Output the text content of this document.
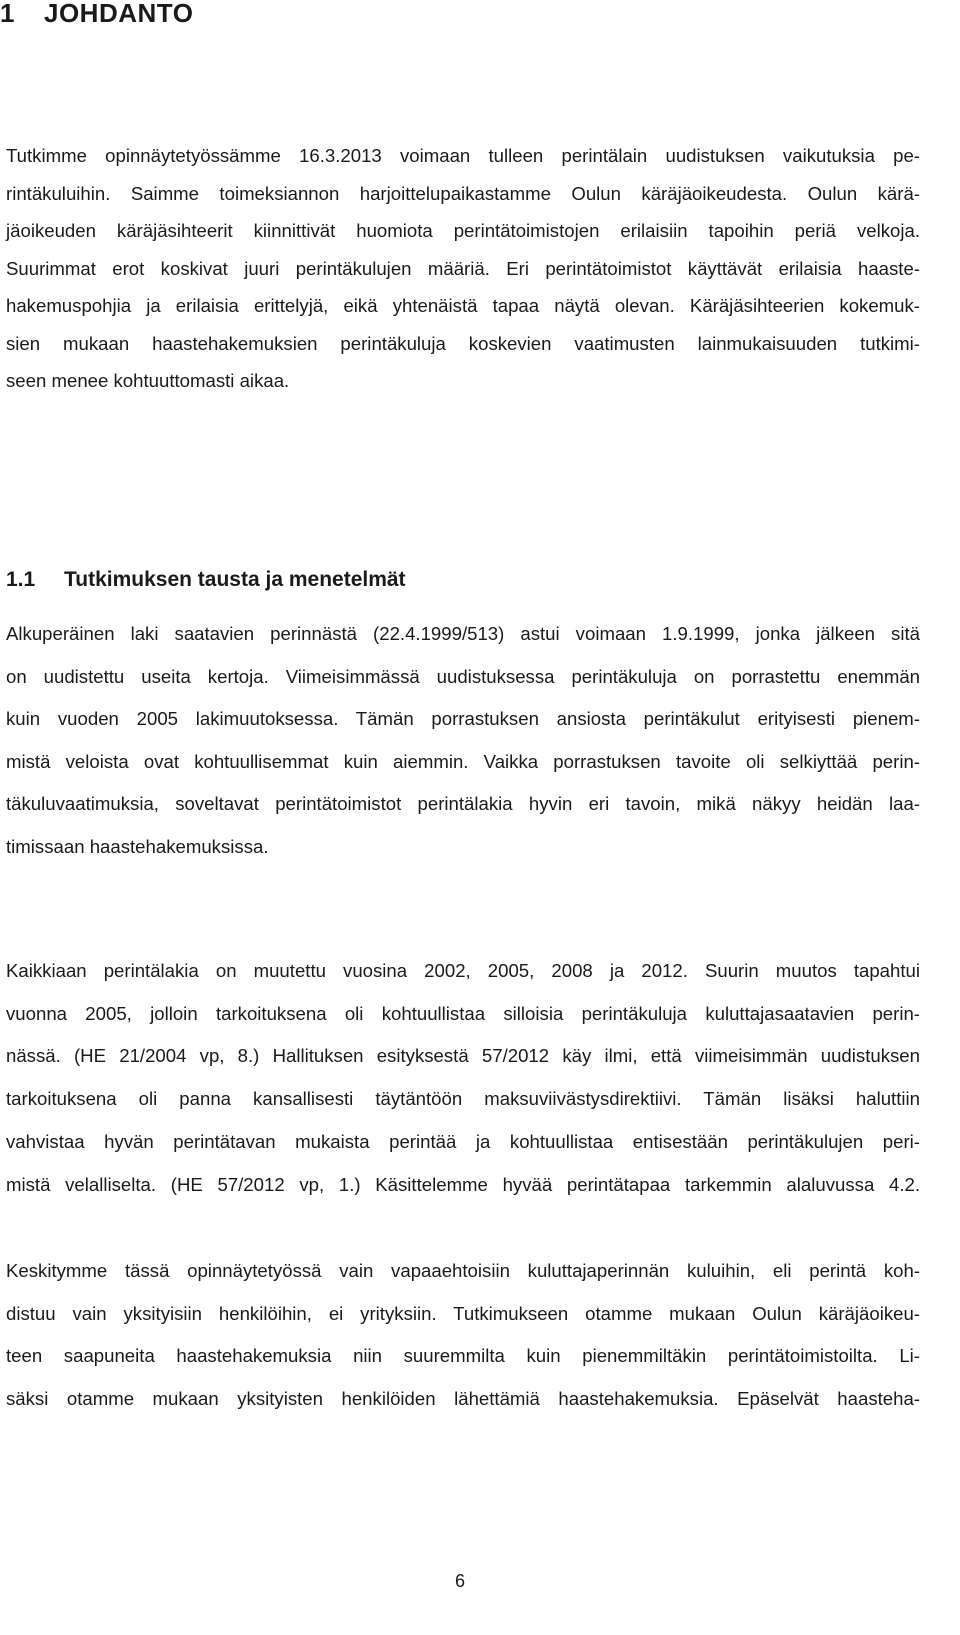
1 JOHDANTO

Tutkimme opinnäytetyössämme 16.3.2013 voimaan tulleen perintälain uudistuksen vaikutuksia pe-
rintäkuluihin. Saimme toimeksiannon harjoittelupaikastamme Oulun käräjäoikeudesta. Oulun kärä-
jäoikeuden käräjäsihteerit kiinnittivät huomiota perintätoimistojen erilaisiin tapoihin periä velkoja.
Suurimmat erot koskivat juuri perintäkulujen määriä. Eri perintätoimistot käyttävät erilaisia haaste-
hakemuspohjia ja erilaisia erittelyjä, eikä yhtenäistä tapaa näytä olevan. Käräjäsihteerien kokemuk-
sien mukaan haastehakemuksien perintäkuluja koskevien vaatimusten lainmukaisuuden tutkimi-
seen menee kohtuuttomasti aikaa.

1.1 Tutkimuksen tausta ja menetelmät

Alkuperäinen laki saatavien perinnästä (22.4.1999/513) astui voimaan 1.9.1999, jonka jälkeen sitä
on uudistettu useita kertoja. Viimeisimmässä uudistuksessa perintäkuluja on porrastettu enemmän
kuin vuoden 2005 lakimuutoksessa. Tämän porrastuksen ansiosta perintäkulut erityisesti pienem-
mistä veloista ovat kohtuullisemmat kuin aiemmin. Vaikka porrastuksen tavoite oli selkiyttää perin-
täkuluvaatimuksia, soveltavat perintätoimistot perintälakia hyvin eri tavoin, mikä näkyy heidän laa-
timissaan haastehakemuksissa.

Kaikkiaan perintälakia on muutettu vuosina 2002, 2005, 2008 ja 2012. Suurin muutos tapahtui
vuonna 2005, jolloin tarkoituksena oli kohtuullistaa silloisia perintäkuluja kuluttajasaatavien perin-
nässä. (HE 21/2004 vp, 8.) Hallituksen esityksestä 57/2012 käy ilmi, että viimeisimmän uudistuksen
tarkoituksena oli panna kansallisesti täytäntöön maksuviivästysdirektiivi. Tämän lisäksi haluttiin
vahvistaa hyvän perintätavan mukaista perintää ja kohtuullistaa entisestään perintäkulujen peri-
mistä velalliselta. (HE 57/2012 vp, 1.) Käsittelemme hyvää perintätapaa tarkemmin alaluvussa 4.2.

Keskitymme tässä opinnäytetyössä vain vapaaehtoisiin kuluttajaperinnän kuluihin, eli perintä koh-
distuu vain yksityisiin henkilöihin, ei yrityksiin. Tutkimukseen otamme mukaan Oulun käräjäoikeu-
teen saapuneita haastehakemuksia niin suuremmilta kuin pienemmiltäkin perintätoimistoilta. Li-
säksi otamme mukaan yksityisten henkilöiden lähettämiä haastehakemuksia. Epäselvät haasteha-

6
